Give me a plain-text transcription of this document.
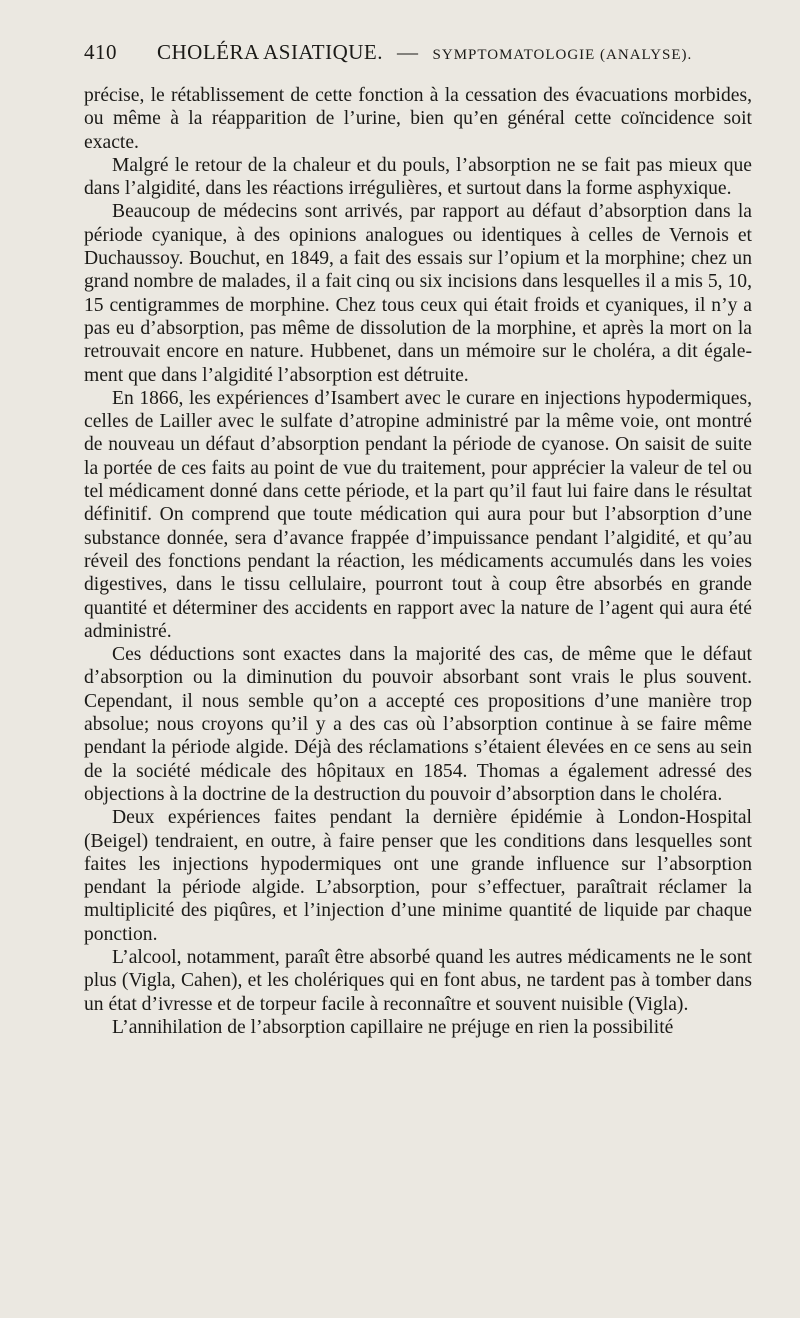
410 CHOLÉRA ASIATIQUE. — SYMPTOMATOLOGIE (ANALYSE).

précise, le rétablissement de cette fonction à la cessation des évacuations morbides, ou même à la réapparition de l’urine, bien qu’en général cette coïncidence soit exacte.

Malgré le retour de la chaleur et du pouls, l’absorption ne se fait pas mieux que dans l’algidité, dans les réactions irrégulières, et surtout dans la forme asphyxique.

Beaucoup de médecins sont arrivés, par rapport au défaut d’absorption dans la période cyanique, à des opinions analogues ou identiques à celles de Vernois et Duchaussoy. Bouchut, en 1849, a fait des essais sur l’opium et la morphine; chez un grand nombre de malades, il a fait cinq ou six incisions dans lesquelles il a mis 5, 10, 15 centigrammes de morphine. Chez tous ceux qui était froids et cyaniques, il n’y a pas eu d’absorption, pas même de dissolution de la morphine, et après la mort on la retrouvait encore en nature. Hubbenet, dans un mémoire sur le choléra, a dit également que dans l’algidité l’absorption est détruite.

En 1866, les expériences d’Isambert avec le curare en injections hypodermiques, celles de Lailler avec le sulfate d’atropine administré par la même voie, ont montré de nouveau un défaut d’absorption pendant la période de cyanose. On saisit de suite la portée de ces faits au point de vue du traitement, pour apprécier la valeur de tel ou tel médicament donné dans cette période, et la part qu’il faut lui faire dans le résultat définitif. On comprend que toute médication qui aura pour but l’absorption d’une substance donnée, sera d’avance frappée d’impuissance pendant l’algidité, et qu’au réveil des fonctions pendant la réaction, les médicaments accumulés dans les voies digestives, dans le tissu cellulaire, pourront tout à coup être absorbés en grande quantité et déterminer des accidents en rapport avec la nature de l’agent qui aura été administré.

Ces déductions sont exactes dans la majorité des cas, de même que le défaut d’absorption ou la diminution du pouvoir absorbant sont vrais le plus souvent. Cependant, il nous semble qu’on a accepté ces propositions d’une manière trop absolue; nous croyons qu’il y a des cas où l’absorption continue à se faire même pendant la période algide. Déjà des réclamations s’étaient élevées en ce sens au sein de la société médicale des hôpitaux en 1854. Thomas a également adressé des objections à la doctrine de la destruction du pouvoir d’absorption dans le choléra.

Deux expériences faites pendant la dernière épidémie à London-Hospital (Beigel) tendraient, en outre, à faire penser que les conditions dans lesquelles sont faites les injections hypodermiques ont une grande influence sur l’absorption pendant la période algide. L’absorption, pour s’effectuer, paraîtrait réclamer la multiplicité des piqûres, et l’injection d’une minime quantité de liquide par chaque ponction.

L’alcool, notamment, paraît être absorbé quand les autres médicaments ne le sont plus (Vigla, Cahen), et les cholériques qui en font abus, ne tardent pas à tomber dans un état d’ivresse et de torpeur facile à reconnaître et souvent nuisible (Vigla).

L’annihilation de l’absorption capillaire ne préjuge en rien la possibilité
